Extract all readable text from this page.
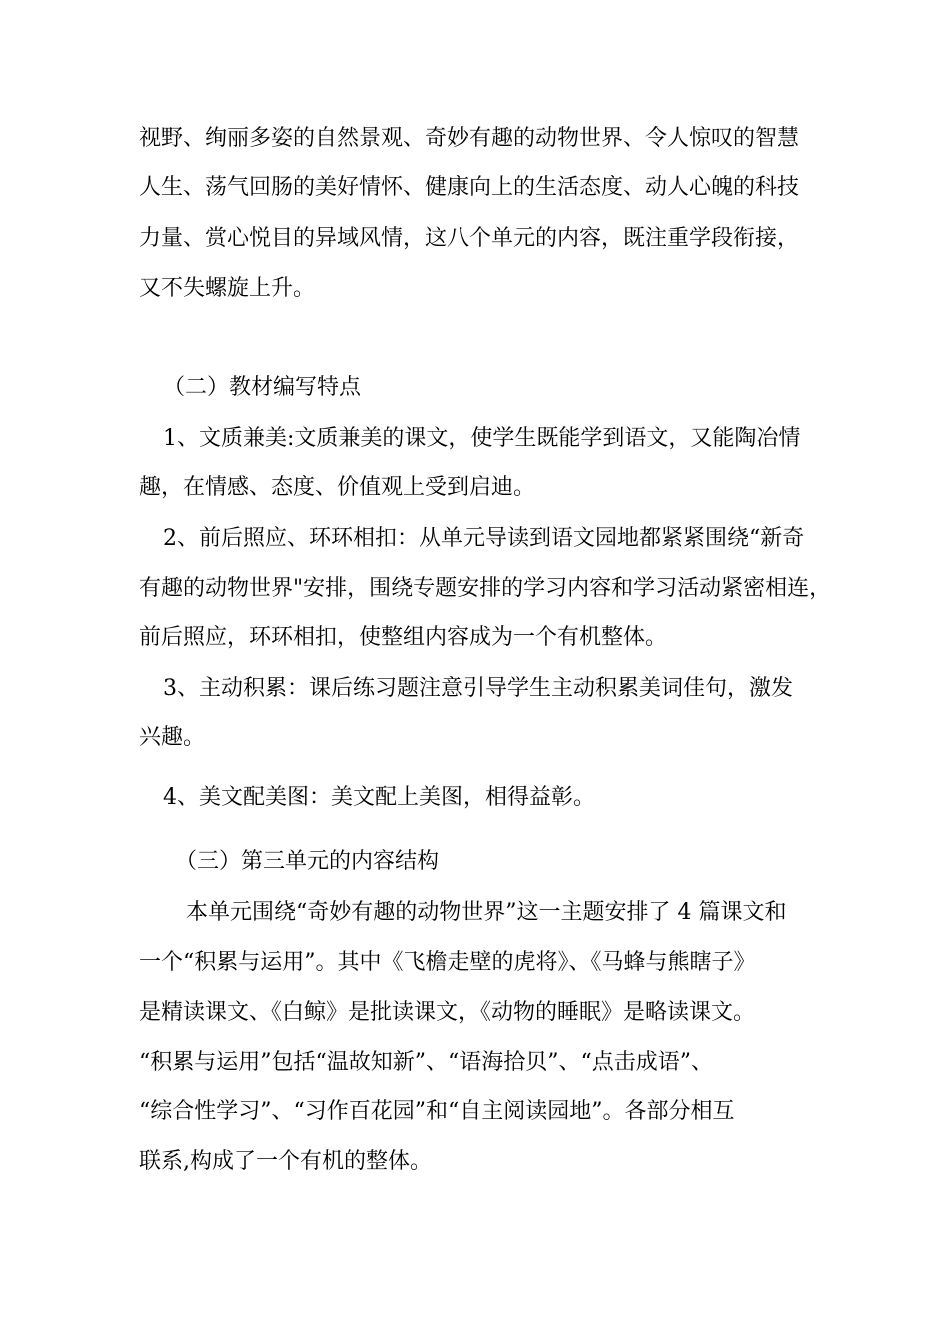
视野、绚丽多姿的自然景观、奇妙有趣的动物世界、令人惊叹的智慧
人生、荡气回肠的美好情怀、健康向上的生活态度、动人心魄的科技
力量、赏心悦目的异域风情，这八个单元的内容，既注重学段衔接，
又不失螺旋上升。
（二）教材编写特点
1、文质兼美:文质兼美的课文，使学生既能学到语文，又能陶冶情
趣，在情感、态度、价值观上受到启迪。
2、前后照应、环环相扣：从单元导读到语文园地都紧紧围绕“新奇
有趣的动物世界"安排，围绕专题安排的学习内容和学习活动紧密相连，
前后照应，环环相扣，使整组内容成为一个有机整体。
3、主动积累：课后练习题注意引导学生主动积累美词佳句，激发
兴趣。
4、美文配美图：美文配上美图，相得益彰。
（三）第三单元的内容结构
本单元围绕“奇妙有趣的动物世界”这一主题安排了 4 篇课文和
一个“积累与运用”。其中《飞檐走壁的虎将》、《马蜂与熊瞎子》
是精读课文、《白鲸》是批读课文，《动物的睡眠》是略读课文。
“积累与运用”包括“温故知新”、“语海拾贝”、“点击成语”、
“综合性学习”、“习作百花园”和“自主阅读园地”。各部分相互
联系,构成了一个有机的整体。
